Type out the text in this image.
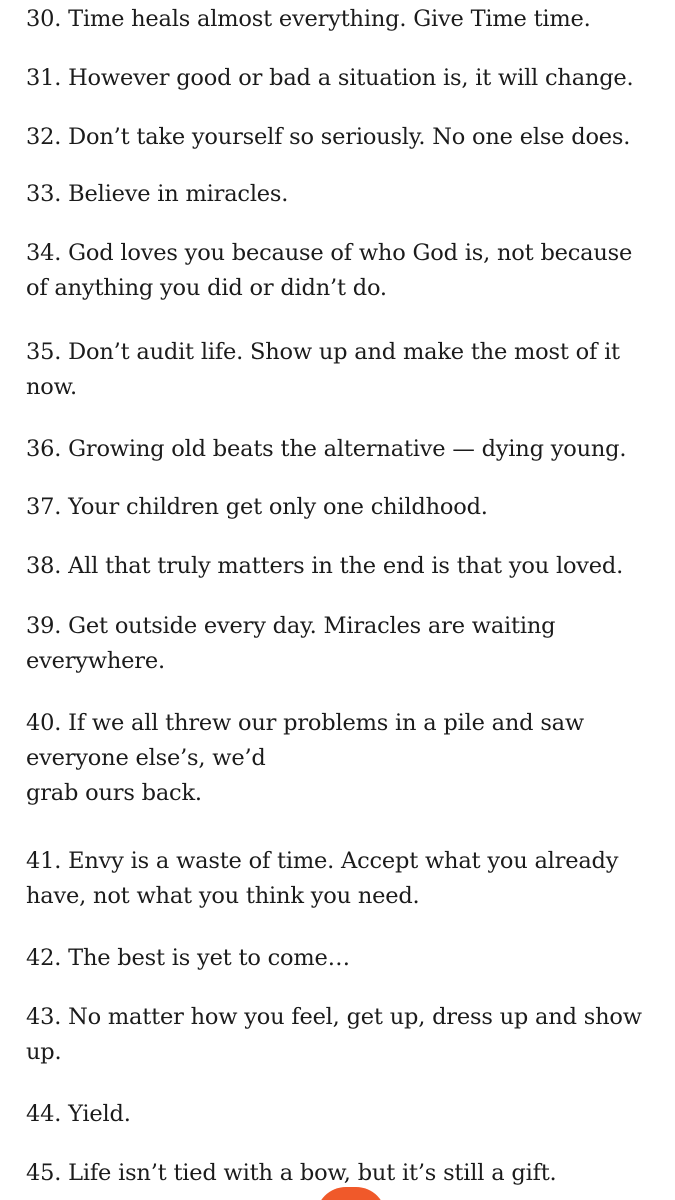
30. Time heals almost everything. Give Time time.
31. However good or bad a situation is, it will change.
32. Don’t take yourself so seriously. No one else does.
33. Believe in miracles.
34. God loves you because of who God is, not because
of anything you did or didn’t do.
35. Don’t audit life. Show up and make the most of it
now.
36. Growing old beats the alternative — dying young.
37. Your children get only one childhood.
38. All that truly matters in the end is that you loved.
39. Get outside every day. Miracles are waiting
everywhere.
40. If we all threw our problems in a pile and saw
everyone else’s, we’d
grab ours back.
41. Envy is a waste of time. Accept what you already
have, not what you think you need.
42. The best is yet to come…
43. No matter how you feel, get up, dress up and show
up.
44. Yield.
45. Life isn’t tied with a bow, but it’s still a gift.
